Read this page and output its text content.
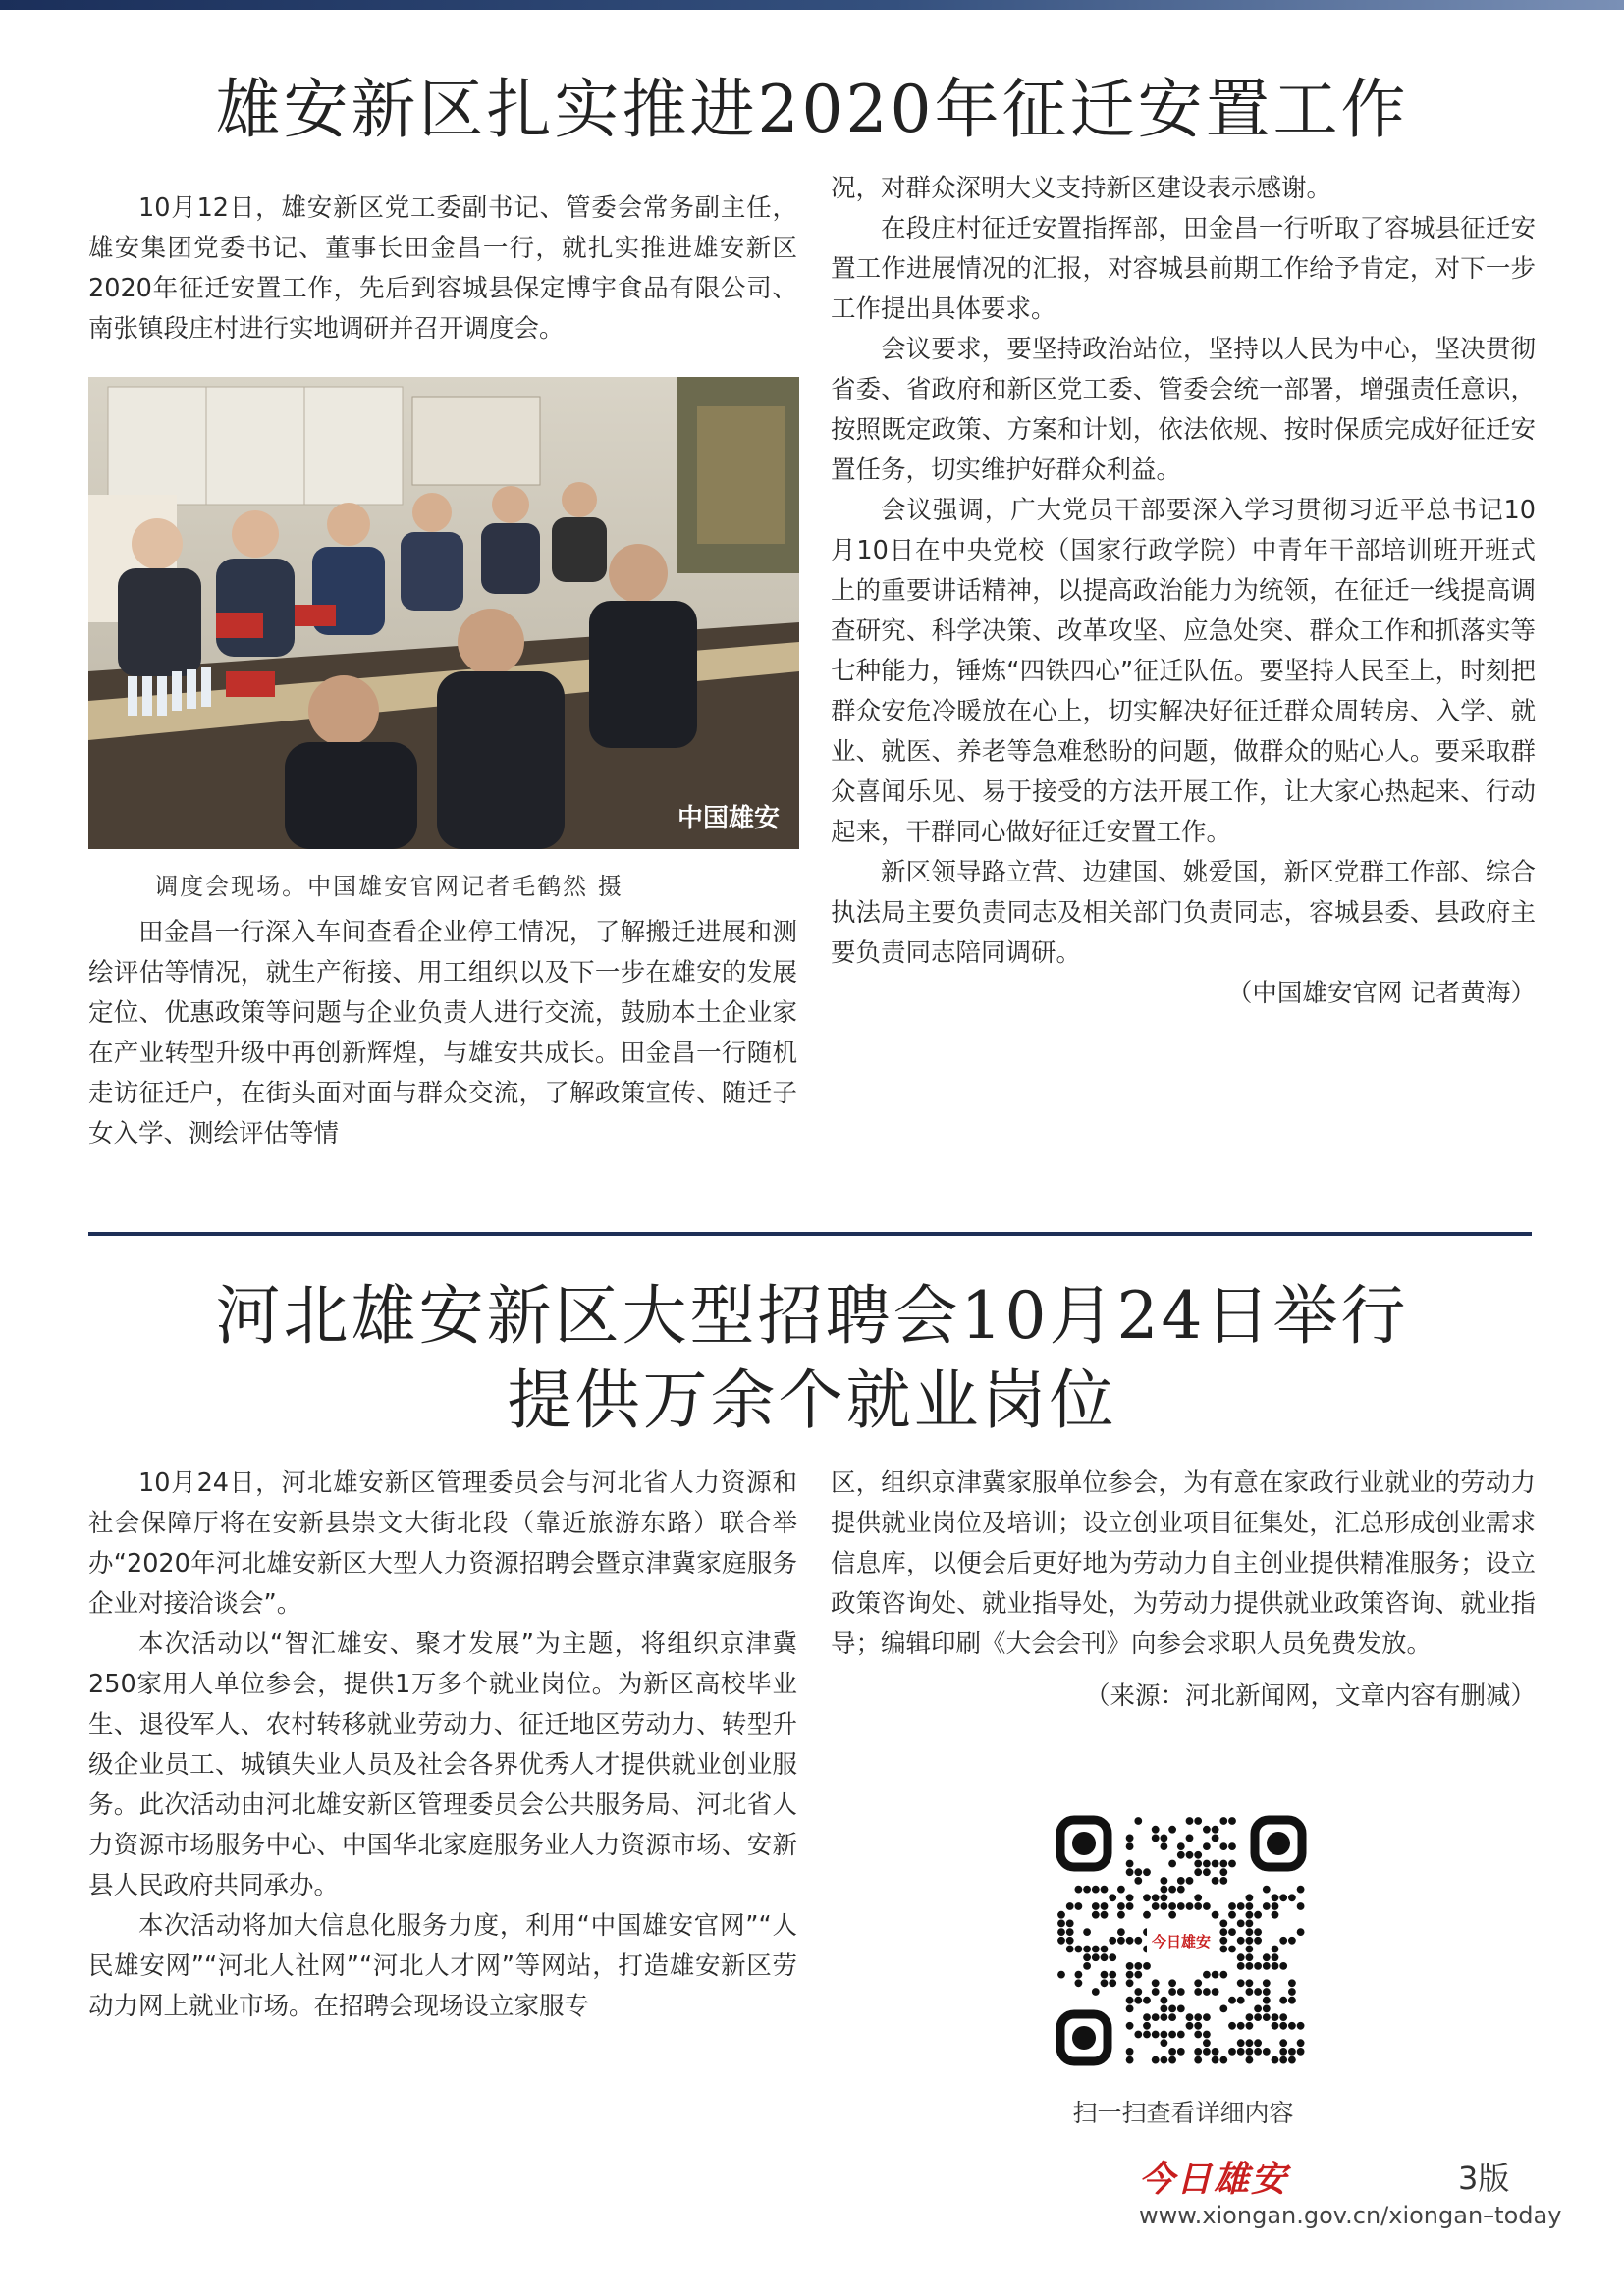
雄安新区扎实推进2020年征迁安置工作

10月12日，雄安新区党工委副书记、管委会常务副主任，雄安集团党委书记、董事长田金昌一行，就扎实推进雄安新区2020年征迁安置工作，先后到容城县保定博宇食品有限公司、南张镇段庄村进行实地调研并召开调度会。

中国雄安
调度会现场。中国雄安官网记者毛鹤然 摄

田金昌一行深入车间查看企业停工情况，了解搬迁进展和测绘评估等情况，就生产衔接、用工组织以及下一步在雄安的发展定位、优惠政策等问题与企业负责人进行交流，鼓励本土企业家在产业转型升级中再创新辉煌，与雄安共成长。田金昌一行随机走访征迁户，在街头面对面与群众交流，了解政策宣传、随迁子女入学、测绘评估等情

况，对群众深明大义支持新区建设表示感谢。

在段庄村征迁安置指挥部，田金昌一行听取了容城县征迁安置工作进展情况的汇报，对容城县前期工作给予肯定，对下一步工作提出具体要求。

会议要求，要坚持政治站位，坚持以人民为中心，坚决贯彻省委、省政府和新区党工委、管委会统一部署，增强责任意识，按照既定政策、方案和计划，依法依规、按时保质完成好征迁安置任务，切实维护好群众利益。

会议强调，广大党员干部要深入学习贯彻习近平总书记10月10日在中央党校（国家行政学院）中青年干部培训班开班式上的重要讲话精神，以提高政治能力为统领，在征迁一线提高调查研究、科学决策、改革攻坚、应急处突、群众工作和抓落实等七种能力，锤炼“四铁四心”征迁队伍。要坚持人民至上，时刻把群众安危冷暖放在心上，切实解决好征迁群众周转房、入学、就业、就医、养老等急难愁盼的问题，做群众的贴心人。要采取群众喜闻乐见、易于接受的方法开展工作，让大家心热起来、行动起来，干群同心做好征迁安置工作。

新区领导路立营、边建国、姚爱国，新区党群工作部、综合执法局主要负责同志及相关部门负责同志，容城县委、县政府主要负责同志陪同调研。

（中国雄安官网 记者黄海）

河北雄安新区大型招聘会10月24日举行
提供万余个就业岗位

10月24日，河北雄安新区管理委员会与河北省人力资源和社会保障厅将在安新县崇文大街北段（靠近旅游东路）联合举办“2020年河北雄安新区大型人力资源招聘会暨京津冀家庭服务企业对接洽谈会”。

本次活动以“智汇雄安、聚才发展”为主题，将组织京津冀250家用人单位参会，提供1万多个就业岗位。为新区高校毕业生、退役军人、农村转移就业劳动力、征迁地区劳动力、转型升级企业员工、城镇失业人员及社会各界优秀人才提供就业创业服务。此次活动由河北雄安新区管理委员会公共服务局、河北省人力资源市场服务中心、中国华北家庭服务业人力资源市场、安新县人民政府共同承办。

本次活动将加大信息化服务力度，利用“中国雄安官网”“人民雄安网”“河北人社网”“河北人才网”等网站，打造雄安新区劳动力网上就业市场。在招聘会现场设立家服专

区，组织京津冀家服单位参会，为有意在家政行业就业的劳动力提供就业岗位及培训；设立创业项目征集处，汇总形成创业需求信息库，以便会后更好地为劳动力自主创业提供精准服务；设立政策咨询处、就业指导处，为劳动力提供就业政策咨询、就业指导；编辑印刷《大会会刊》向参会求职人员免费发放。

（来源：河北新闻网，文章内容有删减）

今日雄安
扫一扫查看详细内容
今日雄安	3版
www.xiongan.gov.cn/xiongan–today
